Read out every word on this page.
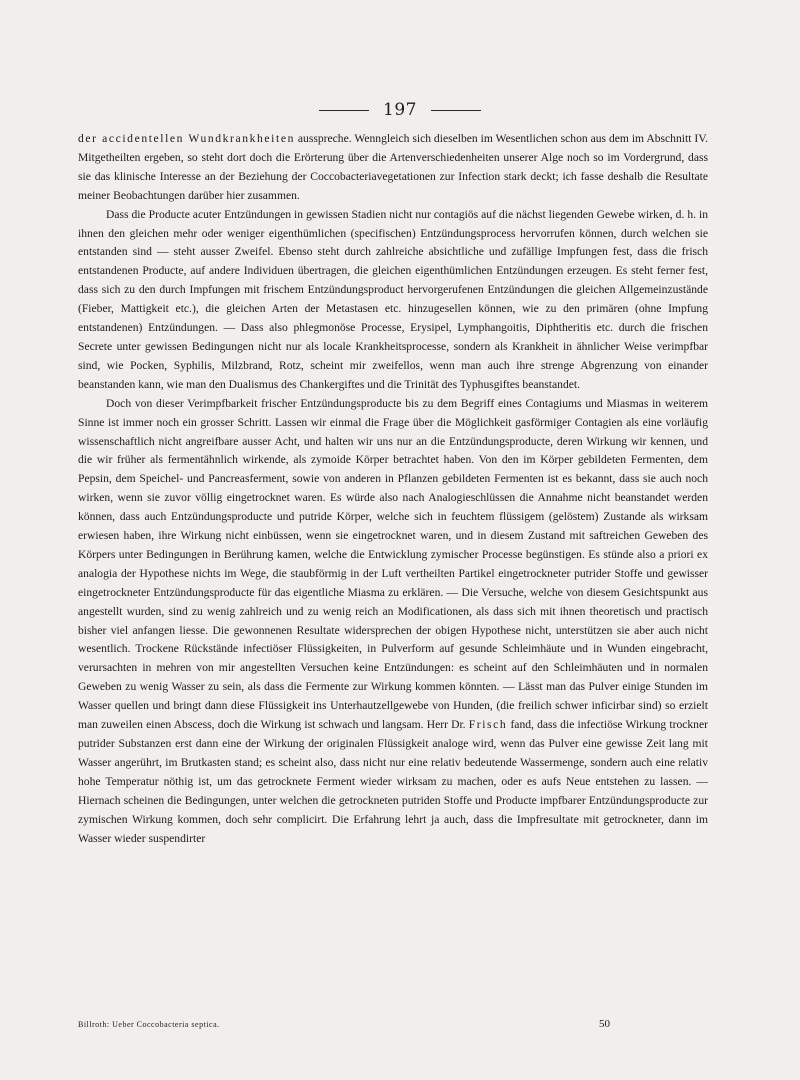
197

der accidentellen Wundkrankheiten ausspreche. Wenngleich sich dieselben im Wesentlichen schon aus dem im Abschnitt IV. Mitgetheilten ergeben, so steht dort doch die Erörterung über die Artenverschiedenheiten unserer Alge noch so im Vordergrund, dass sie das klinische Interesse an der Beziehung der Coccobacteriavegetationen zur Infection stark deckt; ich fasse deshalb die Resultate meiner Beobachtungen darüber hier zusammen.

Dass die Producte acuter Entzündungen in gewissen Stadien nicht nur contagiös auf die nächst liegenden Gewebe wirken, d. h. in ihnen den gleichen mehr oder weniger eigenthümlichen (specifischen) Entzündungsprocess hervorrufen können, durch welchen sie entstanden sind — steht ausser Zweifel. Ebenso steht durch zahlreiche absichtliche und zufällige Impfungen fest, dass die frisch entstandenen Producte, auf andere Individuen übertragen, die gleichen eigenthümlichen Entzündungen erzeugen. Es steht ferner fest, dass sich zu den durch Impfungen mit frischem Entzündungsproduct hervorgerufenen Entzündungen die gleichen Allgemeinzustände (Fieber, Mattigkeit etc.), die gleichen Arten der Metastasen etc. hinzugesellen können, wie zu den primären (ohne Impfung entstandenen) Entzündungen. — Dass also phlegmonöse Processe, Erysipel, Lymphangoitis, Diphtheritis etc. durch die frischen Secrete unter gewissen Bedingungen nicht nur als locale Krankheitsprocesse, sondern als Krankheit in ähnlicher Weise verimpfbar sind, wie Pocken, Syphilis, Milzbrand, Rotz, scheint mir zweifellos, wenn man auch ihre strenge Abgrenzung von einander beanstanden kann, wie man den Dualismus des Chankergiftes und die Trinität des Typhusgiftes beanstandet.

Doch von dieser Verimpfbarkeit frischer Entzündungsproducte bis zu dem Begriff eines Contagiums und Miasmas in weiterem Sinne ist immer noch ein grosser Schritt. Lassen wir einmal die Frage über die Möglichkeit gasförmiger Contagien als eine vorläufig wissenschaftlich nicht angreifbare ausser Acht, und halten wir uns nur an die Entzündungsproducte, deren Wirkung wir kennen, und die wir früher als fermentähnlich wirkende, als zymoide Körper betrachtet haben. Von den im Körper gebildeten Fermenten, dem Pepsin, dem Speichel- und Pancreasferment, sowie von anderen in Pflanzen gebildeten Fermenten ist es bekannt, dass sie auch noch wirken, wenn sie zuvor völlig eingetrocknet waren. Es würde also nach Analogieschlüssen die Annahme nicht beanstandet werden können, dass auch Entzündungsproducte und putride Körper, welche sich in feuchtem flüssigem (gelöstem) Zustande als wirksam erwiesen haben, ihre Wirkung nicht einbüssen, wenn sie eingetrocknet waren, und in diesem Zustand mit saftreichen Geweben des Körpers unter Bedingungen in Berührung kamen, welche die Entwicklung zymischer Processe begünstigen. Es stünde also a priori ex analogia der Hypothese nichts im Wege, die staubförmig in der Luft vertheilten Partikel eingetrockneter putrider Stoffe und gewisser eingetrockneter Entzündungsproducte für das eigentliche Miasma zu erklären. — Die Versuche, welche von diesem Gesichtspunkt aus angestellt wurden, sind zu wenig zahlreich und zu wenig reich an Modificationen, als dass sich mit ihnen theoretisch und practisch bisher viel anfangen liesse. Die gewonnenen Resultate widersprechen der obigen Hypothese nicht, unterstützen sie aber auch nicht wesentlich. Trockene Rückstände infectiöser Flüssigkeiten, in Pulverform auf gesunde Schleimhäute und in Wunden eingebracht, verursachten in mehren von mir angestellten Versuchen keine Entzündungen: es scheint auf den Schleimhäuten und in normalen Geweben zu wenig Wasser zu sein, als dass die Fermente zur Wirkung kommen könnten. — Lässt man das Pulver einige Stunden im Wasser quellen und bringt dann diese Flüssigkeit ins Unterhautzellgewebe von Hunden, (die freilich schwer inficirbar sind) so erzielt man zuweilen einen Abscess, doch die Wirkung ist schwach und langsam. Herr Dr. Frisch fand, dass die infectiöse Wirkung trockner putrider Substanzen erst dann eine der Wirkung der originalen Flüssigkeit analoge wird, wenn das Pulver eine gewisse Zeit lang mit Wasser angerührt, im Brutkasten stand; es scheint also, dass nicht nur eine relativ bedeutende Wassermenge, sondern auch eine relativ hohe Temperatur nöthig ist, um das getrocknete Ferment wieder wirksam zu machen, oder es aufs Neue entstehen zu lassen. — Hiernach scheinen die Bedingungen, unter welchen die getrockneten putriden Stoffe und Producte impfbarer Entzündungsproducte zur zymischen Wirkung kommen, doch sehr complicirt. Die Erfahrung lehrt ja auch, dass die Impfresultate mit getrockneter, dann im Wasser wieder suspendirter

Billroth: Ueber Coccobacteria septica.	50
